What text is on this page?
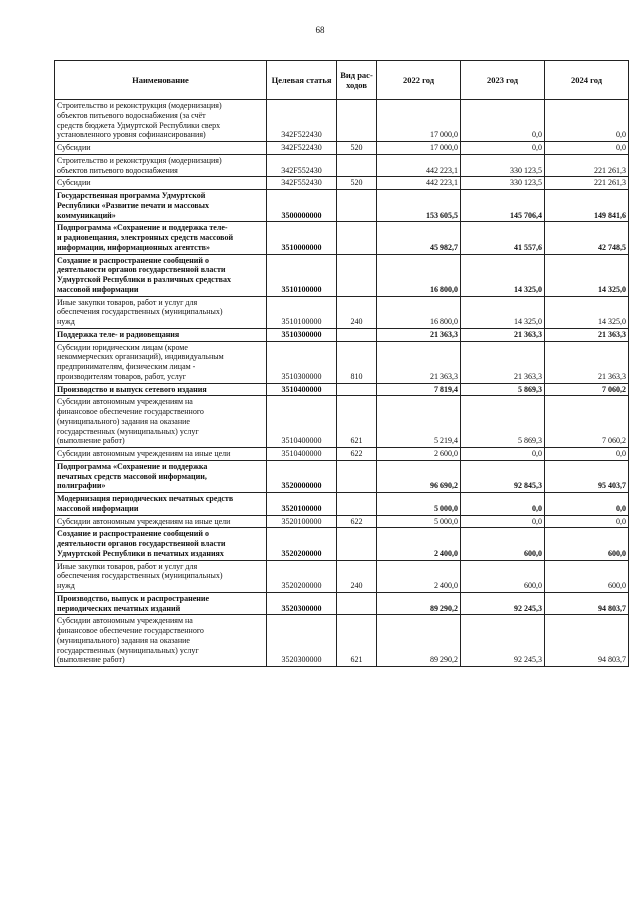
68
Наименование	Целевая статья	Вид рас-ходов	2022 год	2023 год	2024 год
Строительство и реконструкция (модернизация)
объектов питьевого водоснабжения (за счёт
средств бюджета Удмуртской Республики сверх
установленного уровня софинансирования)	342F522430		17 000,0	0,0	0,0
Субсидии	342F522430	520	17 000,0	0,0	0,0
Строительство и реконструкция (модернизация)
объектов питьевого водоснабжения	342F552430		442 223,1	330 123,5	221 261,3
Субсидии	342F552430	520	442 223,1	330 123,5	221 261,3
Государственная программа Удмуртской
Республики «Развитие печати и массовых
коммуникаций»	3500000000		153 605,5	145 706,4	149 841,6
Подпрограмма «Сохранение и поддержка теле-
и радиовещания, электронных средств массовой
информации, информационных агентств»	3510000000		45 982,7	41 557,6	42 748,5
Создание и распространение сообщений о
деятельности органов государственной власти
Удмуртской Республики в различных средствах
массовой информации	3510100000		16 800,0	14 325,0	14 325,0
Иные закупки товаров, работ и услуг для
обеспечения государственных (муниципальных)
нужд	3510100000	240	16 800,0	14 325,0	14 325,0
Поддержка теле- и радиовещания	3510300000		21 363,3	21 363,3	21 363,3
Субсидии юридическим лицам (кроме
некоммерческих организаций), индивидуальным
предпринимателям, физическим лицам -
производителям товаров, работ, услуг	3510300000	810	21 363,3	21 363,3	21 363,3
Производство и выпуск сетевого издания	3510400000		7 819,4	5 869,3	7 060,2
Субсидии автономным учреждениям на
финансовое обеспечение государственного
(муниципального) задания на оказание
государственных (муниципальных) услуг
(выполнение работ)	3510400000	621	5 219,4	5 869,3	7 060,2
Субсидии автономным учреждениям на иные цели	3510400000	622	2 600,0	0,0	0,0
Подпрограмма «Сохранение и поддержка
печатных средств массовой информации,
полиграфии»	3520000000		96 690,2	92 845,3	95 403,7
Модернизация периодических печатных средств
массовой информации	3520100000		5 000,0	0,0	0,0
Субсидии автономным учреждениям на иные цели	3520100000	622	5 000,0	0,0	0,0
Создание и распространение сообщений о
деятельности органов государственной власти
Удмуртской Республики в печатных изданиях	3520200000		2 400,0	600,0	600,0
Иные закупки товаров, работ и услуг для
обеспечения государственных (муниципальных)
нужд	3520200000	240	2 400,0	600,0	600,0
Производство, выпуск и распространение
периодических печатных изданий	3520300000		89 290,2	92 245,3	94 803,7
Субсидии автономным учреждениям на
финансовое обеспечение государственного
(муниципального) задания на оказание
государственных (муниципальных) услуг
(выполнение работ)	3520300000	621	89 290,2	92 245,3	94 803,7
